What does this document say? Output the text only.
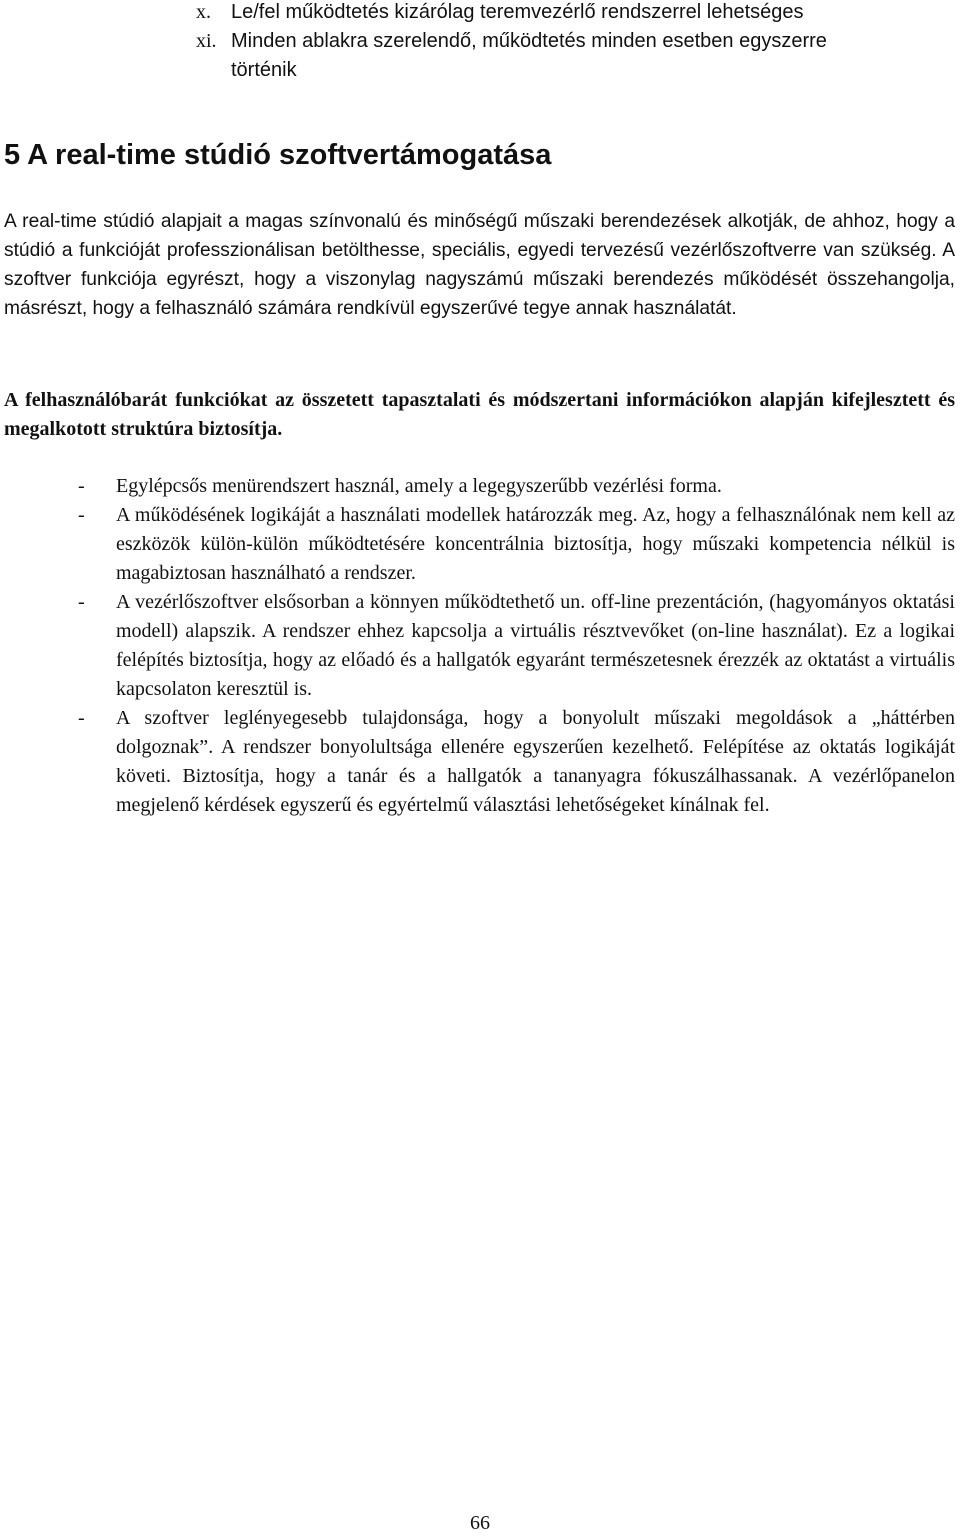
x. Le/fel működtetés kizárólag teremvezérlő rendszerrel lehetséges
xi. Minden ablakra szerelendő, működtetés minden esetben egyszerre
történik
5 A real-time stúdió szoftvertámogatása

A real-time stúdió alapjait a magas színvonalú és minőségű műszaki berendezések alkotják, de ahhoz, hogy a stúdió a funkcióját professzionálisan betölthesse, speciális, egyedi tervezésű vezérlőszoftverre van szükség. A szoftver funkciója egyrészt, hogy a viszonylag nagyszámú műszaki berendezés működését összehangolja, másrészt, hogy a felhasználó számára rendkívül egyszerűvé tegye annak használatát.

A felhasználóbarát funkciókat az összetett tapasztalati és módszertani információkon alapján kifejlesztett és megalkotott struktúra biztosítja.

- Egylépcsős menürendszert használ, amely a legegyszerűbb vezérlési forma.
- A működésének logikáját a használati modellek határozzák meg. Az, hogy a felhasználónak nem kell az eszközök külön-külön működtetésére koncentrálnia biztosítja, hogy műszaki kompetencia nélkül is magabiztosan használható a rendszer.
- A vezérlőszoftver elsősorban a könnyen működtethető un. off-line prezentáción, (hagyományos oktatási modell) alapszik. A rendszer ehhez kapcsolja a virtuális résztvevőket (on-line használat). Ez a logikai felépítés biztosítja, hogy az előadó és a hallgatók egyaránt természetesnek érezzék az oktatást a virtuális kapcsolaton keresztül is.
- A szoftver leglényegesebb tulajdonsága, hogy a bonyolult műszaki megoldások a „háttérben dolgoznak”. A rendszer bonyolultsága ellenére egyszerűen kezelhető. Felépítése az oktatás logikáját követi. Biztosítja, hogy a tanár és a hallgatók a tananyagra fókuszálhassanak. A vezérlőpanelon megjelenő kérdések egyszerű és egyértelmű választási lehetőségeket kínálnak fel.
66
